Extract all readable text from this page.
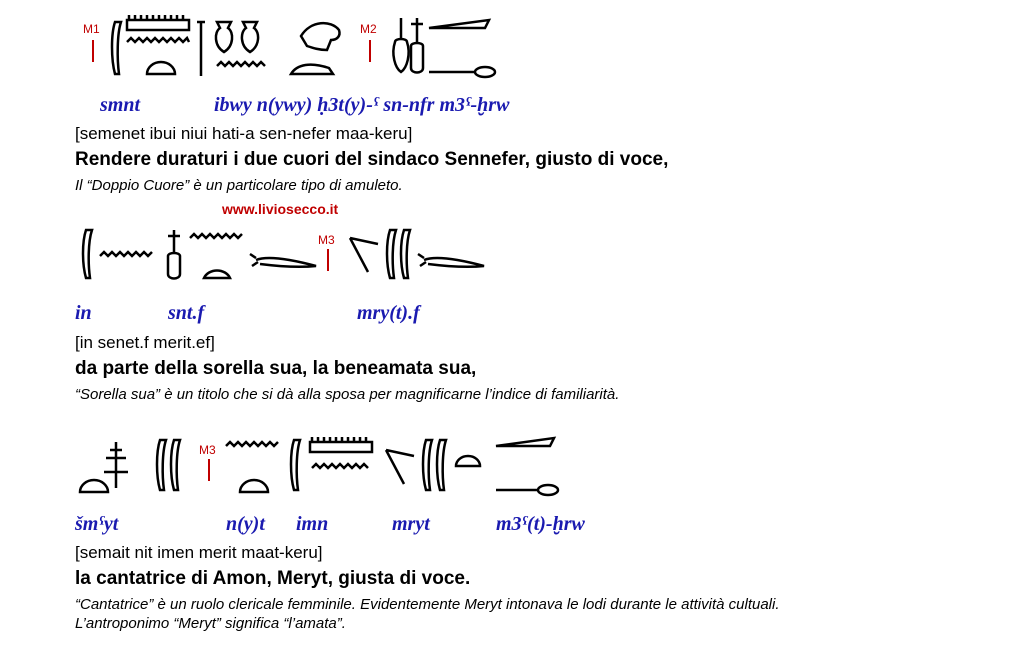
M1	M2
smnt	ibwy n(ywy) ḥ3t(y)-ˁ sn-nfr m3ˁ-ḫrw
[semenet ibui niui hati-a sen-nefer maa-keru]
Rendere duraturi i due cuori del sindaco Sennefer, giusto di voce,
Il “Doppio Cuore” è un particolare tipo di amuleto.
www.liviosecco.it
M3
in	snt.f	mry(t).f
[in senet.f merit.ef]
da parte della sorella sua, la beneamata sua,
“Sorella sua” è un titolo che si dà alla sposa per magnificarne l’indice di familiarità.
M3
šmˁyt	n(y)t imn	mryt	m3ˁ(t)-ḫrw
[semait nit imen merit maat-keru]
la cantatrice di Amon, Meryt, giusta di voce.
“Cantatrice” è un ruolo clericale femminile. Evidentemente Meryt intonava le lodi durante le attività cultuali.
L’antroponimo “Meryt” significa “l’amata”.
